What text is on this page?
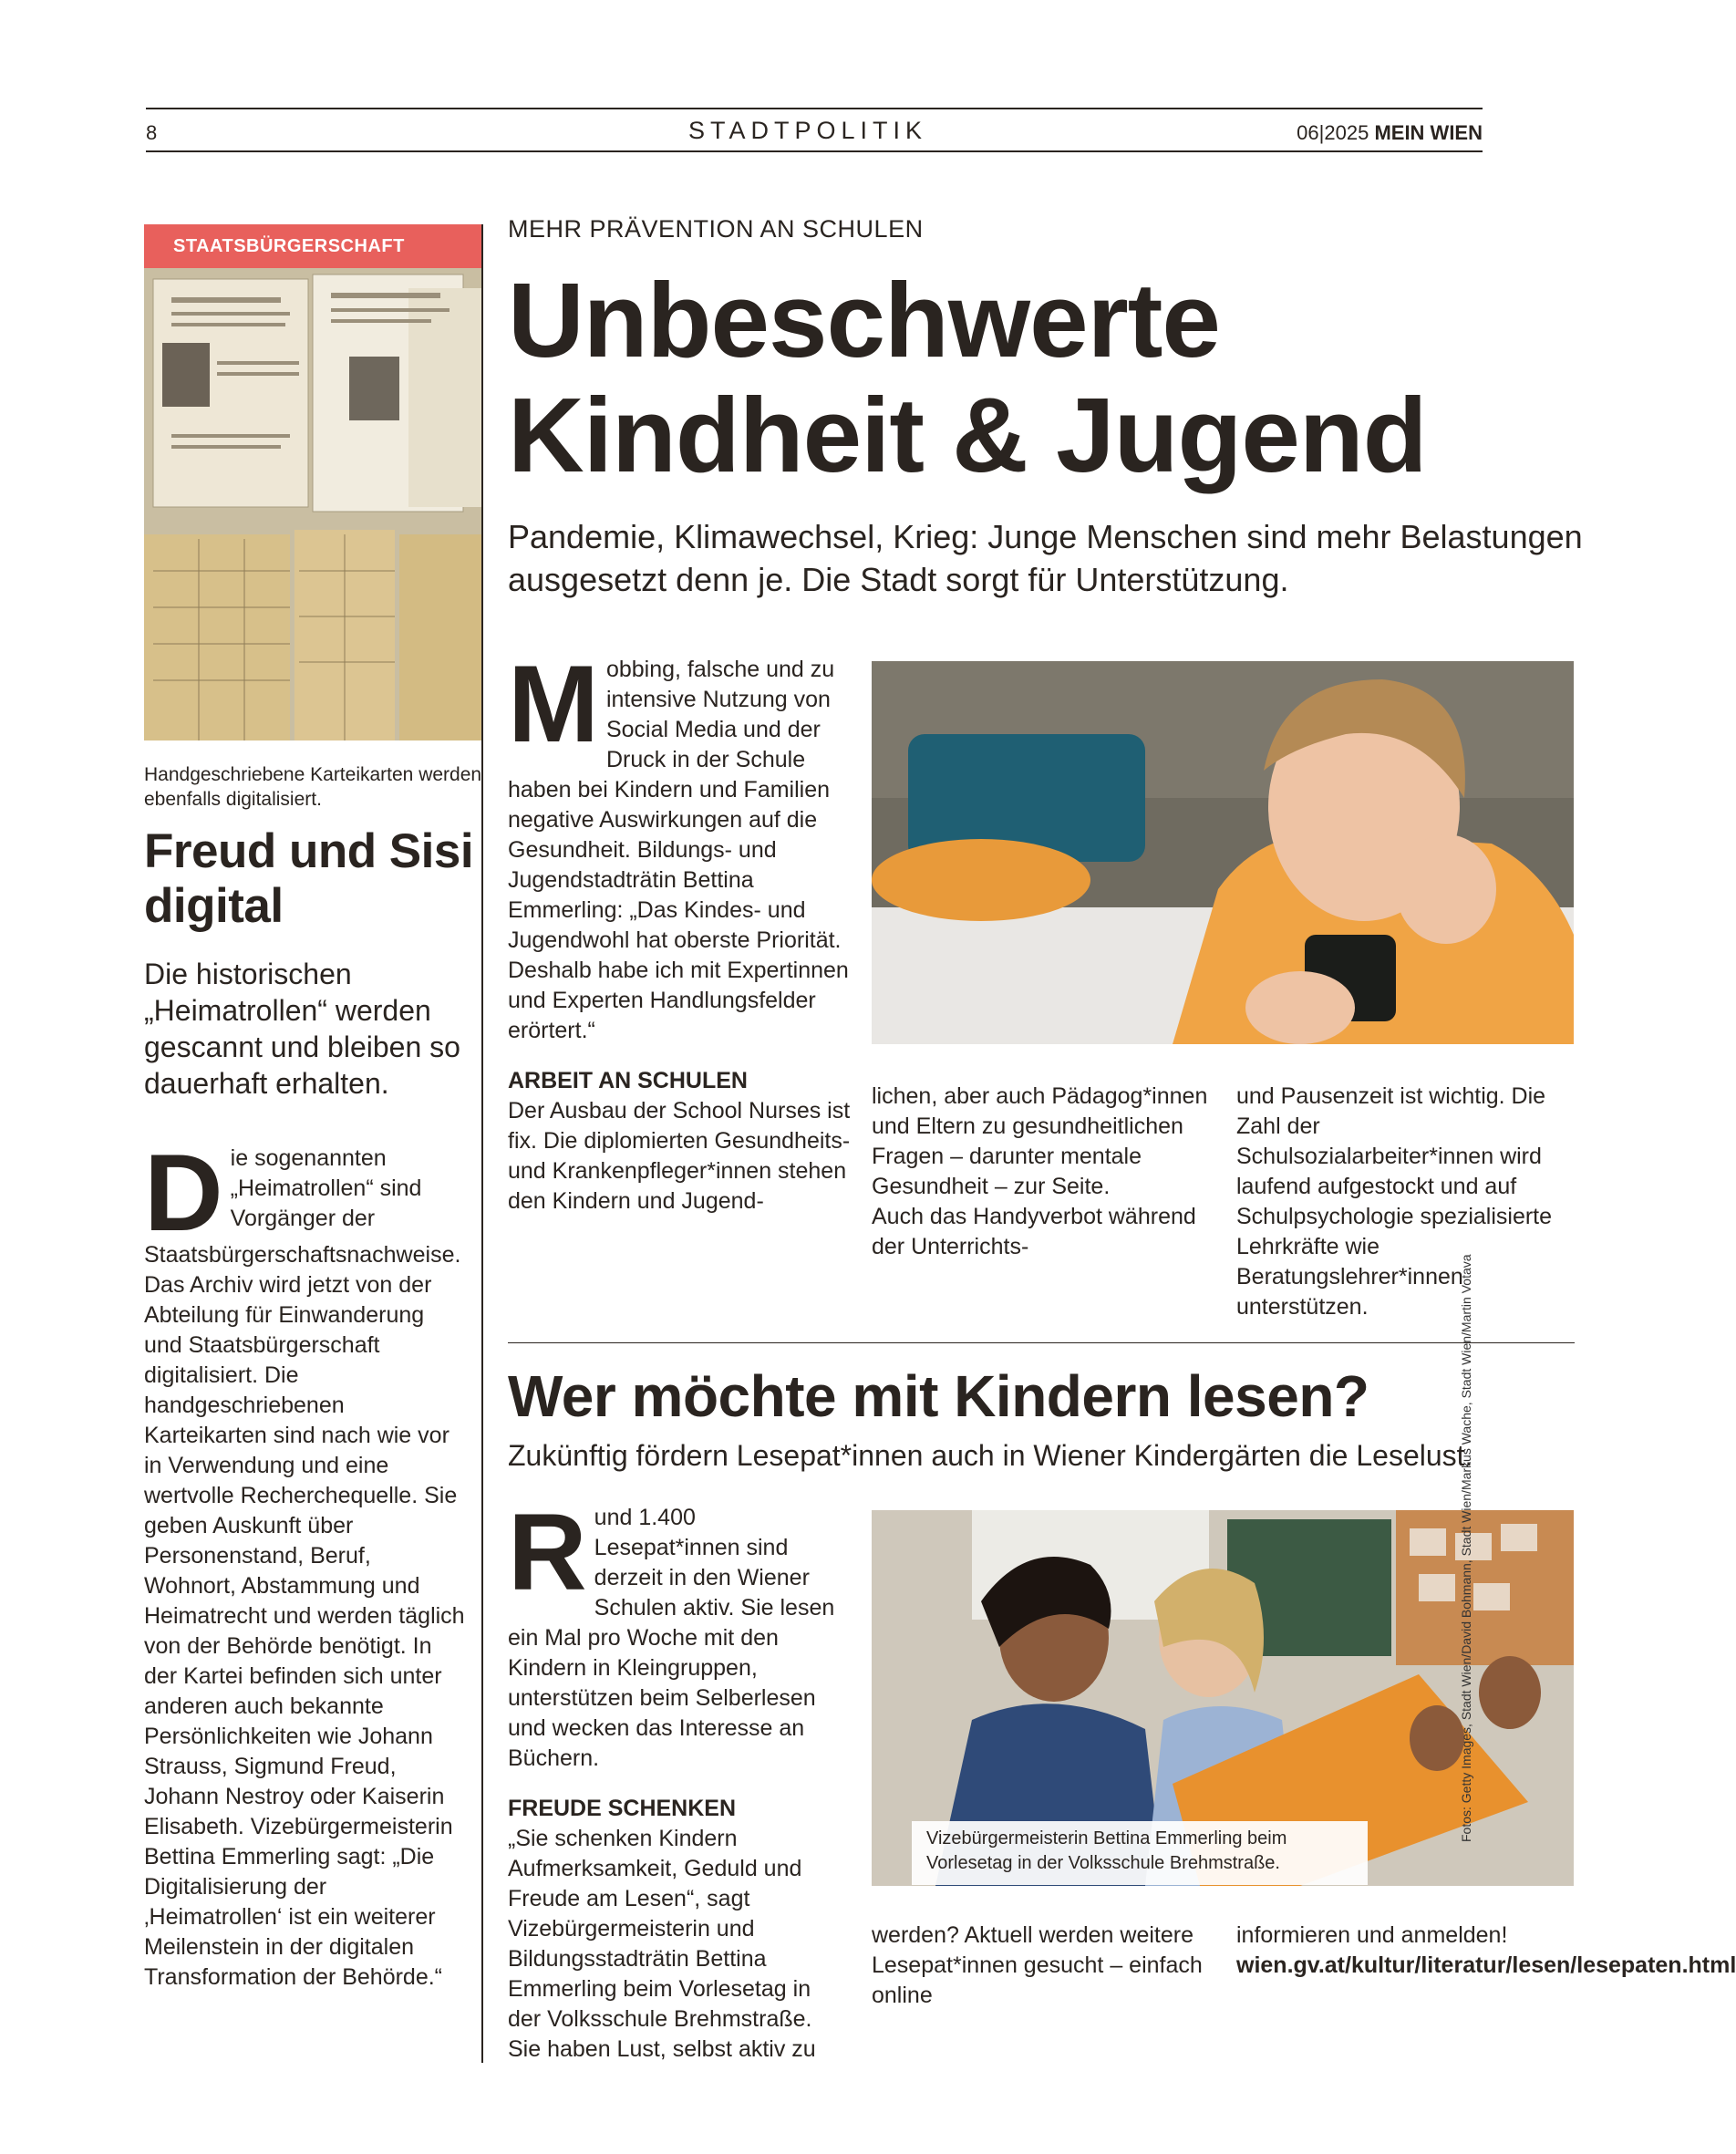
8	STADTPOLITIK	06|2025 MEIN WIEN
STAATSBÜRGERSCHAFT
Handgeschriebene Karteikarten werden ebenfalls digitalisiert.
Freud und Sisi digital
Die historischen „Heimatrollen“ werden gescannt und bleiben so dauerhaft erhalten.
Die sogenannten „Heimatrollen“ sind Vorgänger der Staatsbürgerschaftsnachweise. Das Archiv wird jetzt von der Abteilung für Einwanderung und Staatsbürgerschaft digitalisiert. Die handgeschriebenen Karteikarten sind nach wie vor in Verwendung und eine wertvolle Recherchequelle. Sie geben Auskunft über Personenstand, Beruf, Wohnort, Abstammung und Heimatrecht und werden täglich von der Behörde benötigt. In der Kartei befinden sich unter anderen auch bekannte Persönlichkeiten wie Johann Strauss, Sigmund Freud, Johann Nestroy oder Kaiserin Elisabeth. Vizebürgermeisterin Bettina Emmerling sagt: „Die Digitalisierung der ‚Heimatrollen‘ ist ein weiterer Meilenstein in der digitalen Transformation der Behörde.“
MEHR PRÄVENTION AN SCHULEN
Unbeschwerte
Kindheit & Jugend
Pandemie, Klimawechsel, Krieg: Junge Menschen sind mehr Belastungen ausgesetzt denn je. Die Stadt sorgt für Unterstützung.
Mobbing, falsche und zu intensive Nutzung von Social Media und der Druck in der Schule haben bei Kindern und Familien negative Auswirkungen auf die Gesundheit. Bildungs- und Jugendstadträtin Bettina Emmerling: „Das Kindes- und Jugendwohl hat oberste Priorität. Deshalb habe ich mit Expertinnen und Experten Handlungsfelder erörtert.“
ARBEIT AN SCHULEN
Der Ausbau der School Nurses ist fix. Die diplomierten Gesundheits- und Krankenpfleger*innen stehen den Kindern und Jugend-
lichen, aber auch Pädagog*innen und Eltern zu gesundheitlichen Fragen – darunter mentale Gesundheit – zur Seite.
Auch das Handyverbot während der Unterrichts-
und Pausenzeit ist wichtig. Die Zahl der Schulsozialarbeiter*innen wird laufend aufgestockt und auf Schulpsychologie spezialisierte Lehrkräfte wie Beratungslehrer*innen unterstützen.
Wer möchte mit Kindern lesen?
Zukünftig fördern Lesepat*innen auch in Wiener Kindergärten die Leselust.
Rund 1.400 Lesepat*innen sind derzeit in den Wiener Schulen aktiv. Sie lesen ein Mal pro Woche mit den Kindern in Kleingruppen, unterstützen beim Selberlesen und wecken das Interesse an Büchern.
FREUDE SCHENKEN
„Sie schenken Kindern Aufmerksamkeit, Geduld und Freude am Lesen“, sagt Vizebürgermeisterin und Bildungsstadträtin Bettina Emmerling beim Vorlesetag in der Volksschule Brehmstraße. Sie haben Lust, selbst aktiv zu
Vizebürgermeisterin Bettina Emmerling beim Vorlesetag in der Volksschule Brehmstraße.
werden? Aktuell werden weitere Lesepat*innen gesucht – einfach online
informieren und anmelden!
wien.gv.at/kultur/literatur/lesen/lesepaten.html
Fotos: Getty Images, Stadt Wien/David Bohmann, Stadt Wien/Markus Wache, Stadt Wien/Martin Votava
